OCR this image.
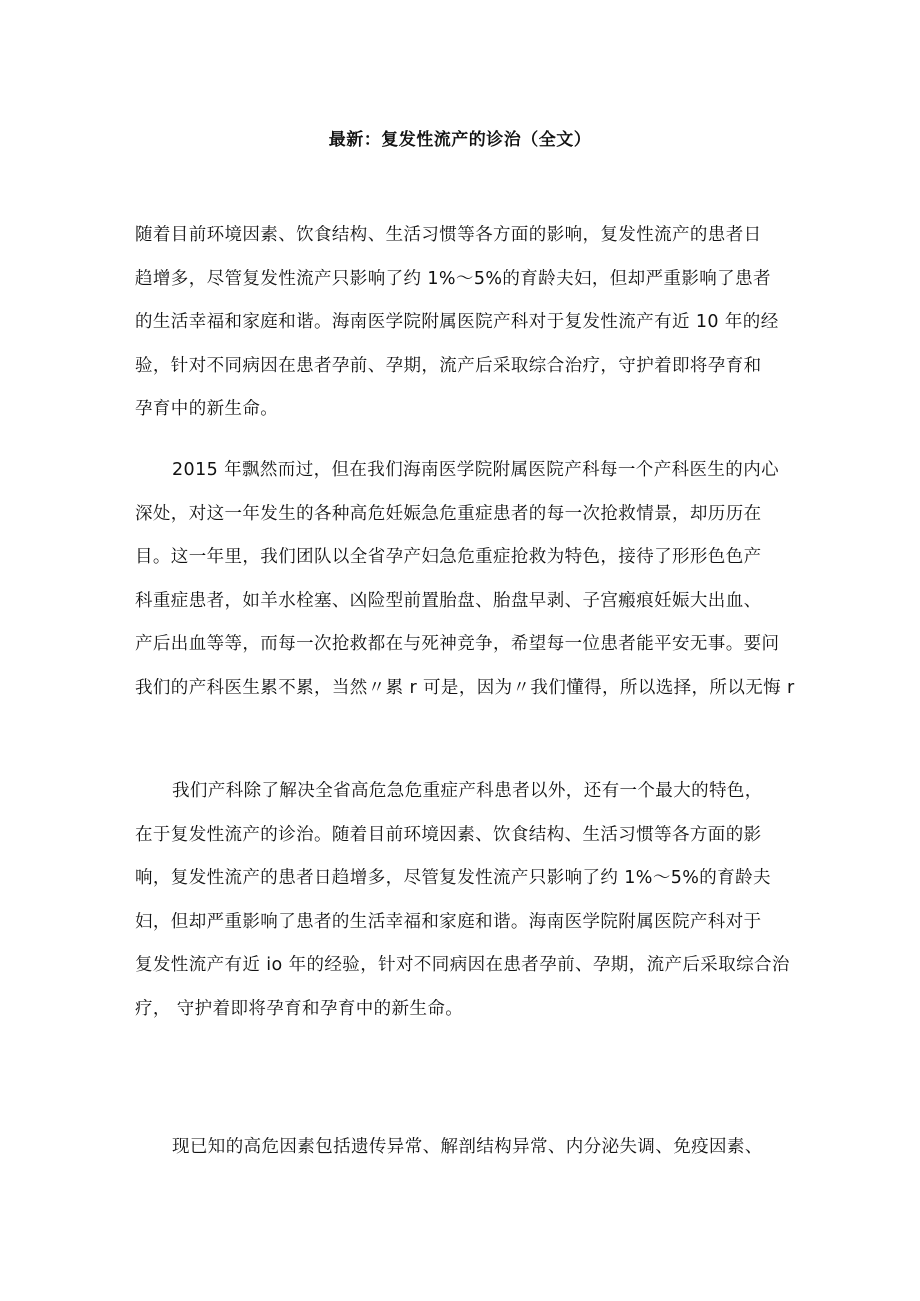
最新：复发性流产的诊治（全文）
随着目前环境因素、饮食结构、生活习惯等各方面的影响，复发性流产的患者日
趋增多，尽管复发性流产只影响了约 1%～5%的育龄夫妇，但却严重影响了患者
的生活幸福和家庭和谐。海南医学院附属医院产科对于复发性流产有近 10 年的经
验，针对不同病因在患者孕前、孕期，流产后采取综合治疗，守护着即将孕育和
孕育中的新生命。
2015 年飘然而过，但在我们海南医学院附属医院产科每一个产科医生的内心
深处，对这一年发生的各种高危妊娠急危重症患者的每一次抢救情景，却历历在
目。这一年里，我们团队以全省孕产妇急危重症抢救为特色，接待了形形色色产
科重症患者，如羊水栓塞、凶险型前置胎盘、胎盘早剥、子宫瘢痕妊娠大出血、
产后出血等等，而每一次抢救都在与死神竞争，希望每一位患者能平安无事。要问
我们的产科医生累不累，当然〃累 r 可是，因为〃我们懂得，所以选择，所以无悔 r
我们产科除了解决全省高危急危重症产科患者以外，还有一个最大的特色，
在于复发性流产的诊治。随着目前环境因素、饮食结构、生活习惯等各方面的影
响，复发性流产的患者日趋增多，尽管复发性流产只影响了约 1%～5%的育龄夫
妇，但却严重影响了患者的生活幸福和家庭和谐。海南医学院附属医院产科对于
复发性流产有近 io 年的经验，针对不同病因在患者孕前、孕期，流产后采取综合治
疗， 守护着即将孕育和孕育中的新生命。
现已知的高危因素包括遗传异常、解剖结构异常、内分泌失调、免疫因素、
